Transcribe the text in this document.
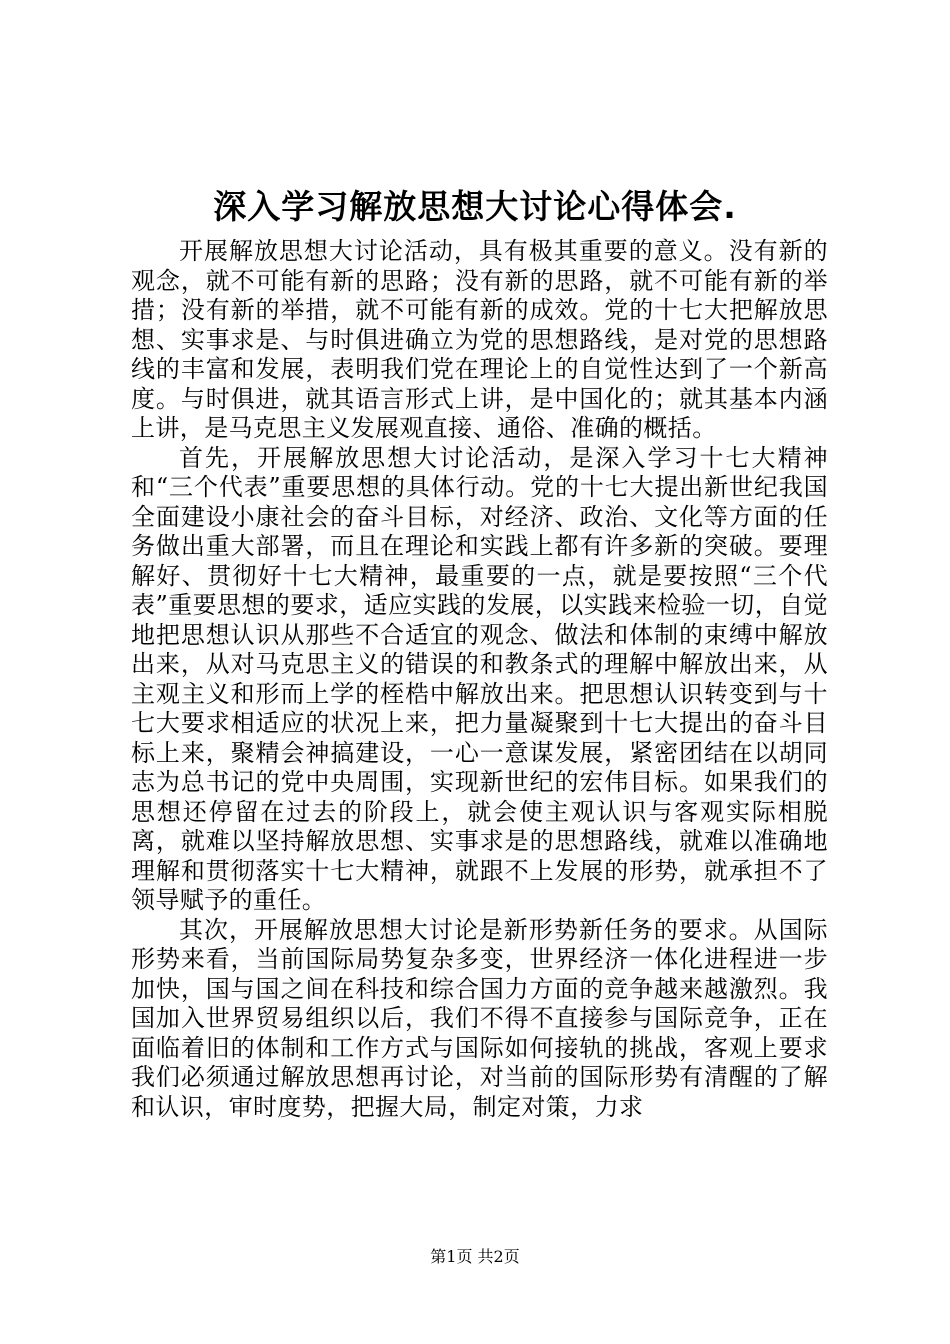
深入学习解放思想大讨论心得体会.

开展解放思想大讨论活动，具有极其重要的意义。没有新的观念，就不可能有新的思路；没有新的思路，就不可能有新的举措；没有新的举措，就不可能有新的成效。党的十七大把解放思想、实事求是、与时俱进确立为党的思想路线，是对党的思想路线的丰富和发展，表明我们党在理论上的自觉性达到了一个新高度。与时俱进，就其语言形式上讲，是中国化的；就其基本内涵上讲，是马克思主义发展观直接、通俗、准确的概括。

首先，开展解放思想大讨论活动，是深入学习十七大精神和“三个代表”重要思想的具体行动。党的十七大提出新世纪我国全面建设小康社会的奋斗目标，对经济、政治、文化等方面的任务做出重大部署，而且在理论和实践上都有许多新的突破。要理解好、贯彻好十七大精神，最重要的一点，就是要按照“三个代表”重要思想的要求，适应实践的发展，以实践来检验一切，自觉地把思想认识从那些不合适宜的观念、做法和体制的束缚中解放出来，从对马克思主义的错误的和教条式的理解中解放出来，从主观主义和形而上学的桎梏中解放出来。把思想认识转变到与十七大要求相适应的状况上来，把力量凝聚到十七大提出的奋斗目标上来，聚精会神搞建设，一心一意谋发展，紧密团结在以胡同志为总书记的党中央周围，实现新世纪的宏伟目标。如果我们的思想还停留在过去的阶段上，就会使主观认识与客观实际相脱离，就难以坚持解放思想、实事求是的思想路线，就难以准确地理解和贯彻落实十七大精神，就跟不上发展的形势，就承担不了领导赋予的重任。

其次，开展解放思想大讨论是新形势新任务的要求。从国际形势来看，当前国际局势复杂多变，世界经济一体化进程进一步加快，国与国之间在科技和综合国力方面的竞争越来越激烈。我国加入世界贸易组织以后，我们不得不直接参与国际竞争，正在面临着旧的体制和工作方式与国际如何接轨的挑战，客观上要求我们必须通过解放思想再讨论，对当前的国际形势有清醒的了解和认识，审时度势，把握大局，制定对策，力求

第1页 共2页
